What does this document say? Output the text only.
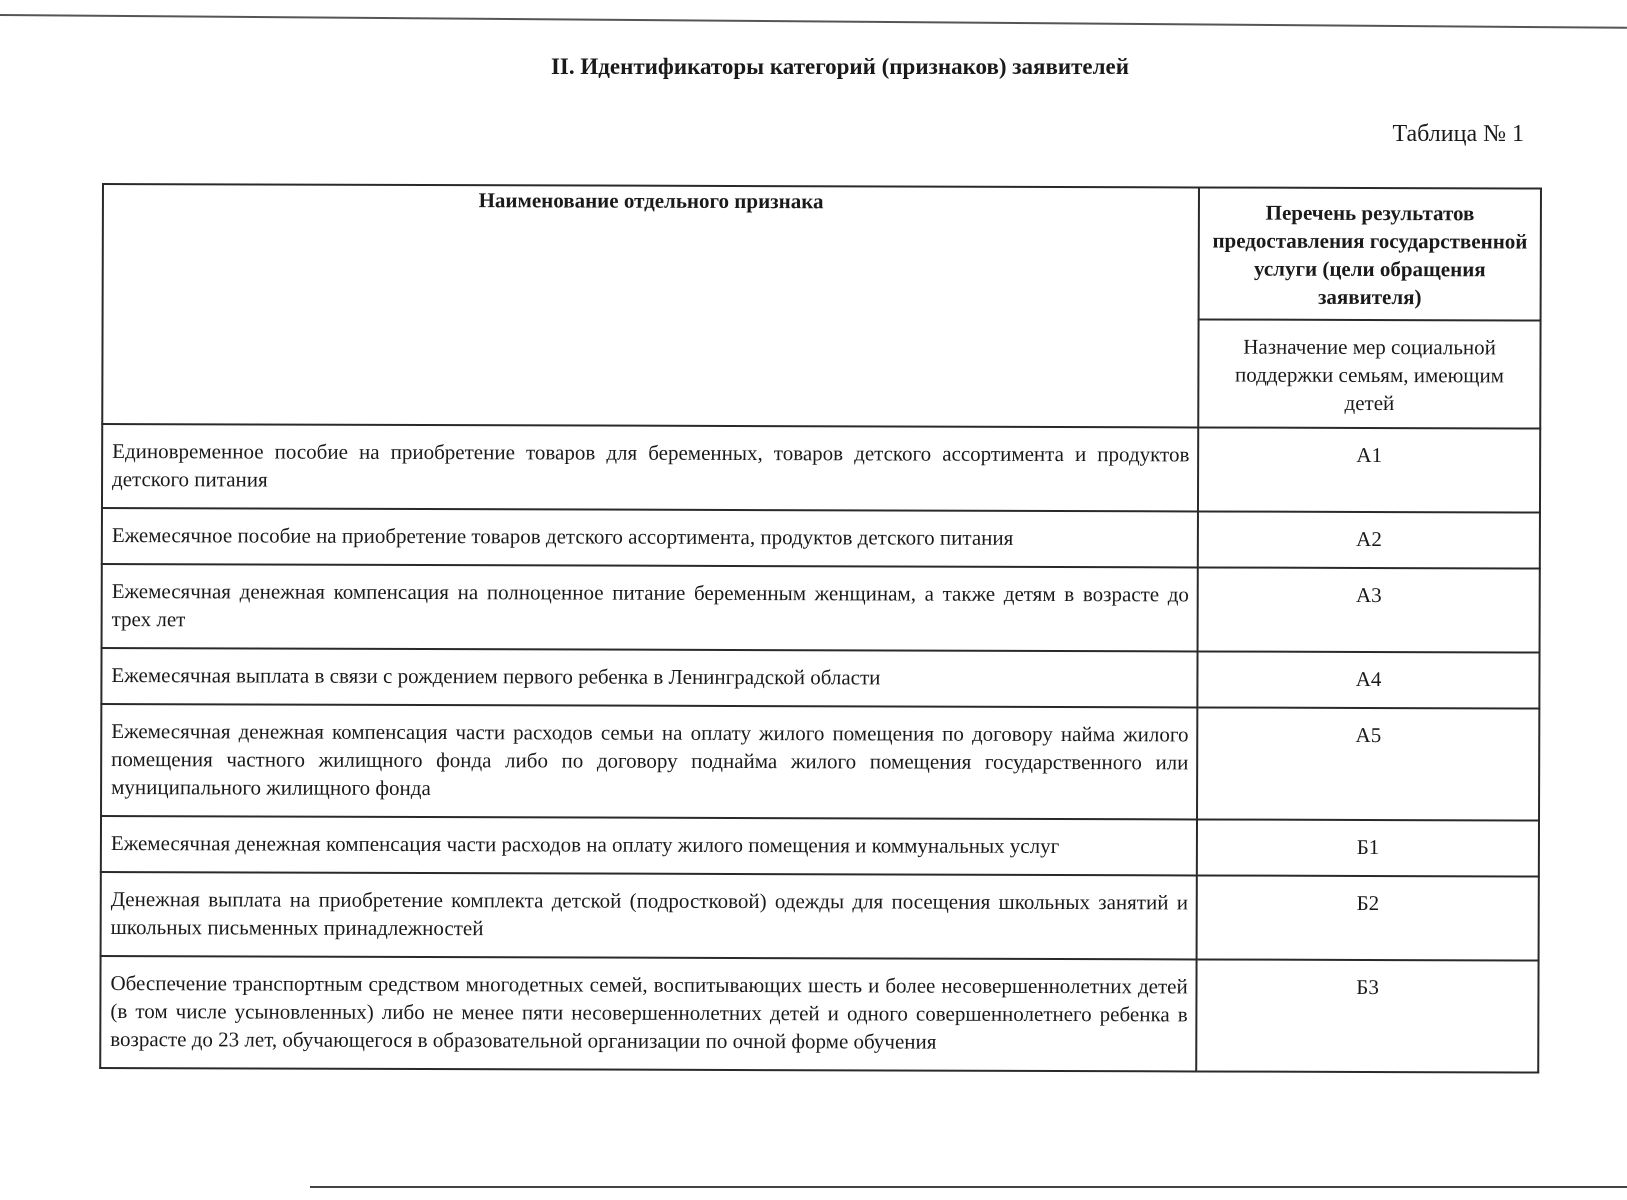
II. Идентификаторы категорий (признаков) заявителей

Таблица № 1

Наименование отдельного признака	Перечень результатов предоставления государственной услуги (цели обращения заявителя)
	Назначение мер социальной поддержки семьям, имеющим детей
Единовременное пособие на приобретение товаров для беременных, товаров детского ассортимента и продуктов детского питания	А1
Ежемесячное пособие на приобретение товаров детского ассортимента, продуктов детского питания	А2
Ежемесячная денежная компенсация на полноценное питание беременным женщинам, а также детям в возрасте до трех лет	А3
Ежемесячная выплата в связи с рождением первого ребенка в Ленинградской области	А4
Ежемесячная денежная компенсация части расходов семьи на оплату жилого помещения по договору найма жилого помещения частного жилищного фонда либо по договору поднайма жилого помещения государственного или муниципального жилищного фонда	А5
Ежемесячная денежная компенсация части расходов на оплату жилого помещения и коммунальных услуг	Б1
Денежная выплата на приобретение комплекта детской (подростковой) одежды для посещения школьных занятий и школьных письменных принадлежностей	Б2
Обеспечение транспортным средством многодетных семей, воспитывающих шесть и более несовершеннолетних детей (в том числе усыновленных) либо не менее пяти несовершеннолетних детей и одного совершеннолетнего ребенка в возрасте до 23 лет, обучающегося в образовательной организации по очной форме обучения	Б3
